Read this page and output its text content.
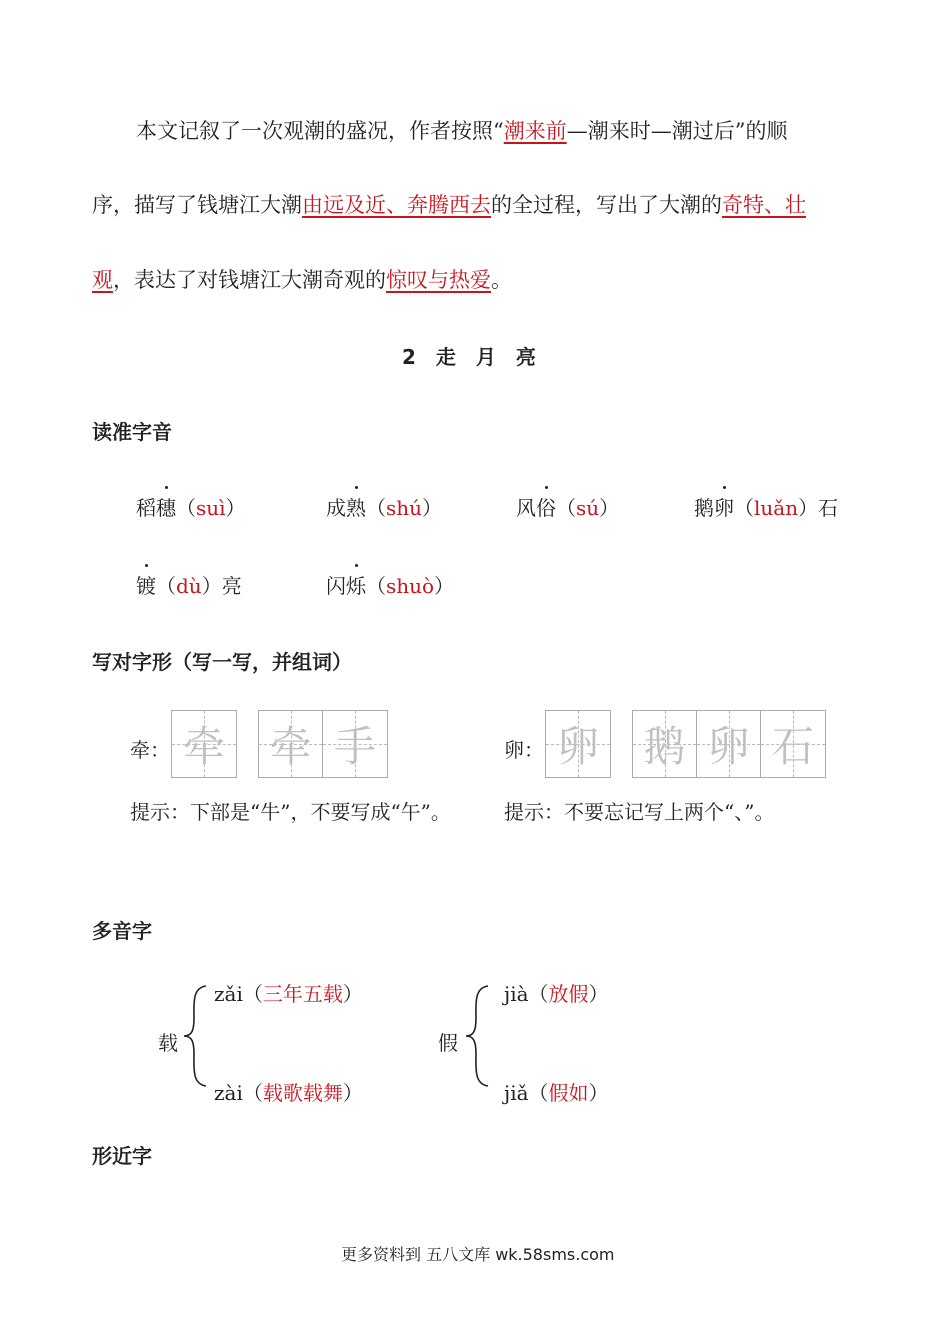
本文记叙了一次观潮的盛况，作者按照“潮来前—潮来时—潮过后”的顺
序，描写了钱塘江大潮由远及近、奔腾西去的全过程，写出了大潮的奇特、壮
观，表达了对钱塘江大潮奇观的惊叹与热爱。
2 走 月 亮
读准字音
稻穗（suì）	成熟（shú）	风俗（sú）	鹅卵（luǎn）石
镀（dù）亮	闪烁（shuò）
写对字形（写一写，并组词）
牵： 牵 牵 手
提示：下部是“牛”，不要写成“午”。
卵： 卵 鹅 卵 石
提示：不要忘记写上两个“、”。
多音字
载
zǎi（三年五载）
zài（载歌载舞）
假
jià（放假）
jiǎ（假如）
形近字
更多资料到 五八文库 wk.58sms.com
